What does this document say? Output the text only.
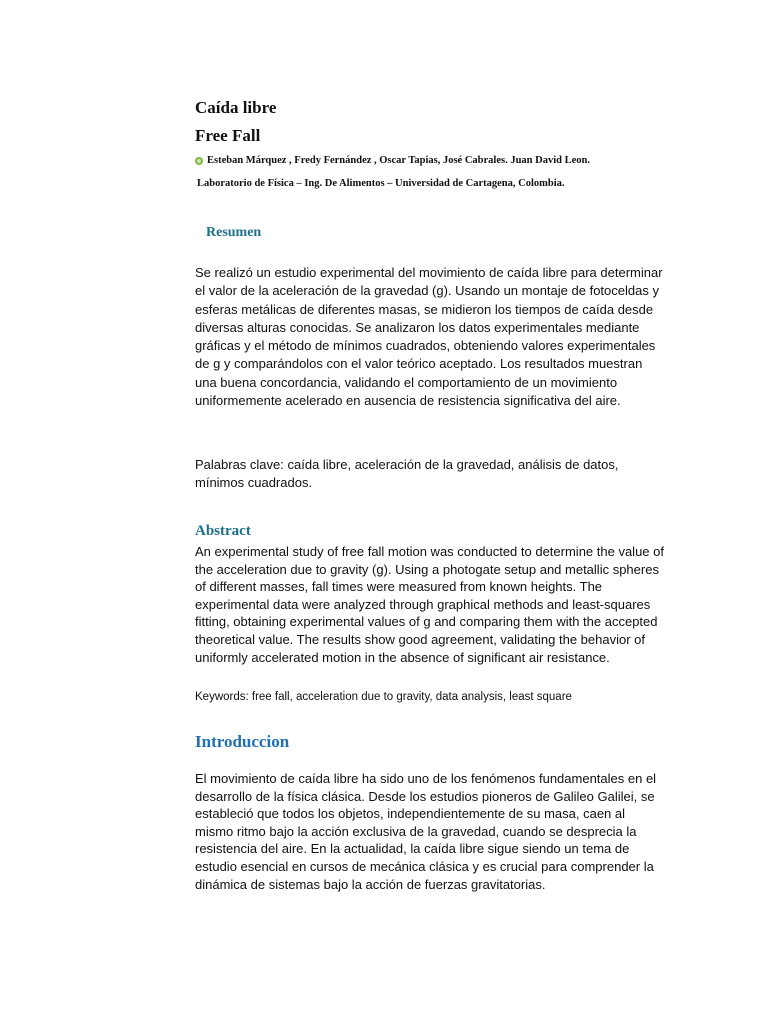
Caída libre
Free Fall
Esteban Márquez , Fredy Fernández , Oscar Tapias, José Cabrales. Juan David Leon.
Laboratorio de Física – Ing. De Alimentos – Universidad de Cartagena, Colombia.
Resumen
Se realizó un estudio experimental del movimiento de caída libre para determinar el valor de la aceleración de la gravedad (g). Usando un montaje de fotoceldas y esferas metálicas de diferentes masas, se midieron los tiempos de caída desde diversas alturas conocidas. Se analizaron los datos experimentales mediante gráficas y el método de mínimos cuadrados, obteniendo valores experimentales de g y comparándolos con el valor teórico aceptado. Los resultados muestran una buena concordancia, validando el comportamiento de un movimiento uniformemente acelerado en ausencia de resistencia significativa del aire.
Palabras clave: caída libre, aceleración de la gravedad, análisis de datos, mínimos cuadrados.
Abstract
An experimental study of free fall motion was conducted to determine the value of the acceleration due to gravity (g). Using a photogate setup and metallic spheres of different masses, fall times were measured from known heights. The experimental data were analyzed through graphical methods and least-squares fitting, obtaining experimental values of g and comparing them with the accepted theoretical value. The results show good agreement, validating the behavior of uniformly accelerated motion in the absence of significant air resistance.
Keywords: free fall, acceleration due to gravity, data analysis, least square
Introduccion
El movimiento de caída libre ha sido uno de los fenómenos fundamentales en el desarrollo de la física clásica. Desde los estudios pioneros de Galileo Galilei, se estableció que todos los objetos, independientemente de su masa, caen al mismo ritmo bajo la acción exclusiva de la gravedad, cuando se desprecia la resistencia del aire. En la actualidad, la caída libre sigue siendo un tema de estudio esencial en cursos de mecánica clásica y es crucial para comprender la dinámica de sistemas bajo la acción de fuerzas gravitatorias.
